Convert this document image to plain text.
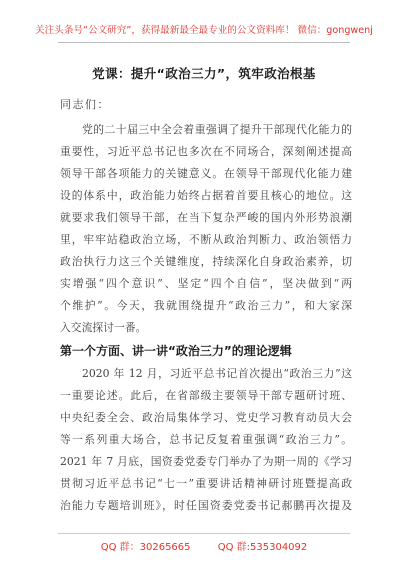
关注头条号“公文研究”，获得最新最全最专业的公文资料库！ 微信：gongwenj
党课：提升“政治三力”，筑牢政治根基
同志们：
党的二十届三中全会着重强调了提升干部现代化能力的
重要性，习近平总书记也多次在不同场合，深刻阐述提高
领导干部各项能力的关键意义。在领导干部现代化能力建
设的体系中，政治能力始终占据着首要且核心的地位。这
就要求我们领导干部，在当下复杂严峻的国内外形势浪潮
里，牢牢站稳政治立场，不断从政治判断力、政治领悟力
政治执行力这三个关键维度，持续深化自身政治素养，切
实增强“四个意识”、坚定“四个自信”，坚决做到“两
个维护”。今天，我就围绕提升“政治三力”，和大家深
入交流探讨一番。
第一个方面、讲一讲“政治三力”的理论逻辑
2020 年 12 月，习近平总书记首次提出“政治三力”这
一重要论述。此后，在省部级主要领导干部专题研讨班、
中央纪委全会、政治局集体学习、党史学习教育动员大会
等一系列重大场合，总书记反复着重强调“政治三力”。
2021 年 7 月底，国资委党委专门举办了为期一周的《学习
贯彻习近平总书记“七一”重要讲话精神研讨班暨提高政
治能力专题培训班》，时任国资委党委书记郝鹏再次提及
QQ 群：30265665	QQ 群:535304092
